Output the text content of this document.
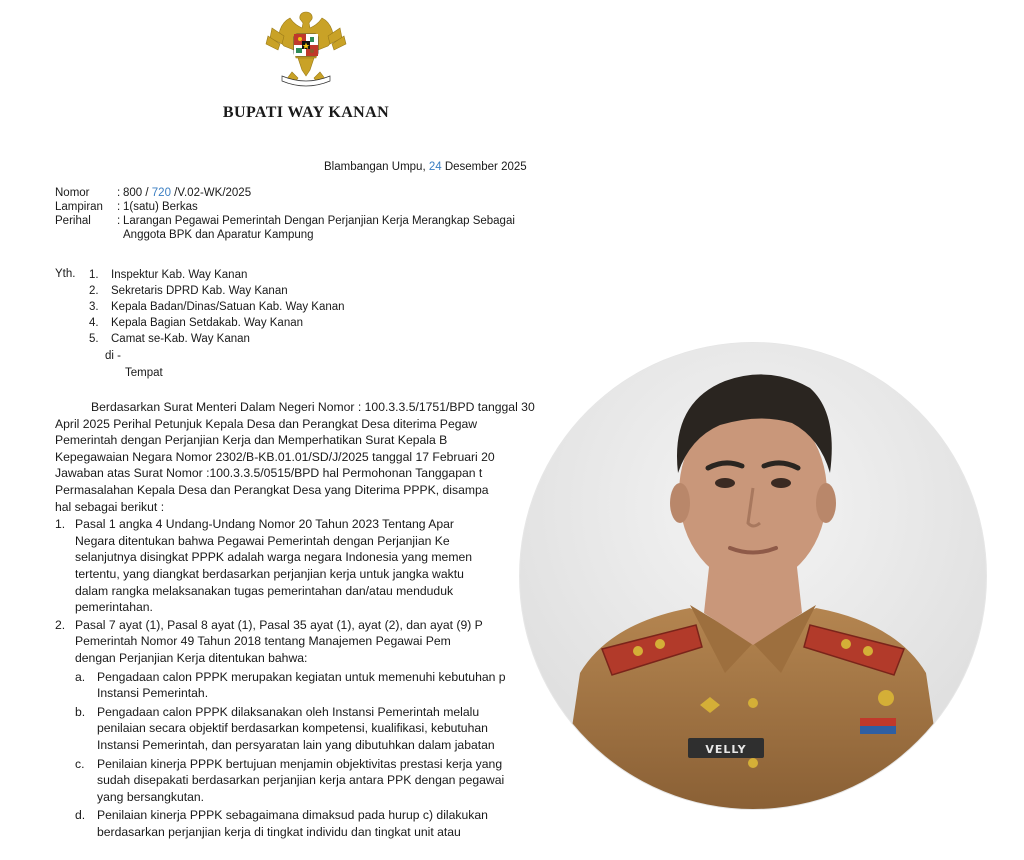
BUPATI WAY KANAN
Blambangan Umpu, 24 Desember 2025
Nomor : 800 / 720 /V.02-WK/2025
Lampiran : 1(satu) Berkas
Perihal : Larangan Pegawai Pemerintah Dengan Perjanjian Kerja Merangkap Sebagai
Anggota BPK dan Aparatur Kampung
Yth. 1. Inspektur Kab. Way Kanan
2. Sekretaris DPRD Kab. Way Kanan
3. Kepala Badan/Dinas/Satuan Kab. Way Kanan
4. Kepala Bagian Setdakab. Way Kanan
5. Camat se-Kab. Way Kanan
di -
Tempat
Berdasarkan Surat Menteri Dalam Negeri Nomor : 100.3.3.5/1751/BPD tanggal 30
April 2025 Perihal Petunjuk Kepala Desa dan Perangkat Desa diterima Pegaw
Pemerintah dengan Perjanjian Kerja dan Memperhatikan Surat Kepala B
Kepegawaian Negara Nomor 2302/B-KB.01.01/SD/J/2025 tanggal 17 Februari 20
Jawaban atas Surat Nomor :100.3.3.5/0515/BPD hal Permohonan Tanggapan t
Permasalahan Kepala Desa dan Perangkat Desa yang Diterima PPPK, disampa
hal sebagai berikut :
1. Pasal 1 angka 4 Undang-Undang Nomor 20 Tahun 2023 Tentang Apar
Negara ditentukan bahwa Pegawai Pemerintah dengan Perjanjian Ke
selanjutnya disingkat PPPK adalah warga negara Indonesia yang memen
tertentu, yang diangkat berdasarkan perjanjian kerja untuk jangka waktu
dalam rangka melaksanakan tugas pemerintahan dan/atau menduduk
pemerintahan.
2. Pasal 7 ayat (1), Pasal 8 ayat (1), Pasal 35 ayat (1), ayat (2), dan ayat (9) P
Pemerintah Nomor 49 Tahun 2018 tentang Manajemen Pegawai Pem
dengan Perjanjian Kerja ditentukan bahwa:
a. Pengadaan calon PPPK merupakan kegiatan untuk memenuhi kebutuhan p
Instansi Pemerintah.
b. Pengadaan calon PPPK dilaksanakan oleh Instansi Pemerintah melalu
penilaian secara objektif berdasarkan kompetensi, kualifikasi, kebutuhan
Instansi Pemerintah, dan persyaratan lain yang dibutuhkan dalam jabatan
c. Penilaian kinerja PPPK bertujuan menjamin objektivitas prestasi kerja yang
sudah disepakati berdasarkan perjanjian kerja antara PPK dengan pegawai
yang bersangkutan.
d. Penilaian kinerja PPPK sebagaimana dimaksud pada hurup c) dilakukan
berdasarkan perjanjian kerja di tingkat individu dan tingkat unit atau
VELLY
